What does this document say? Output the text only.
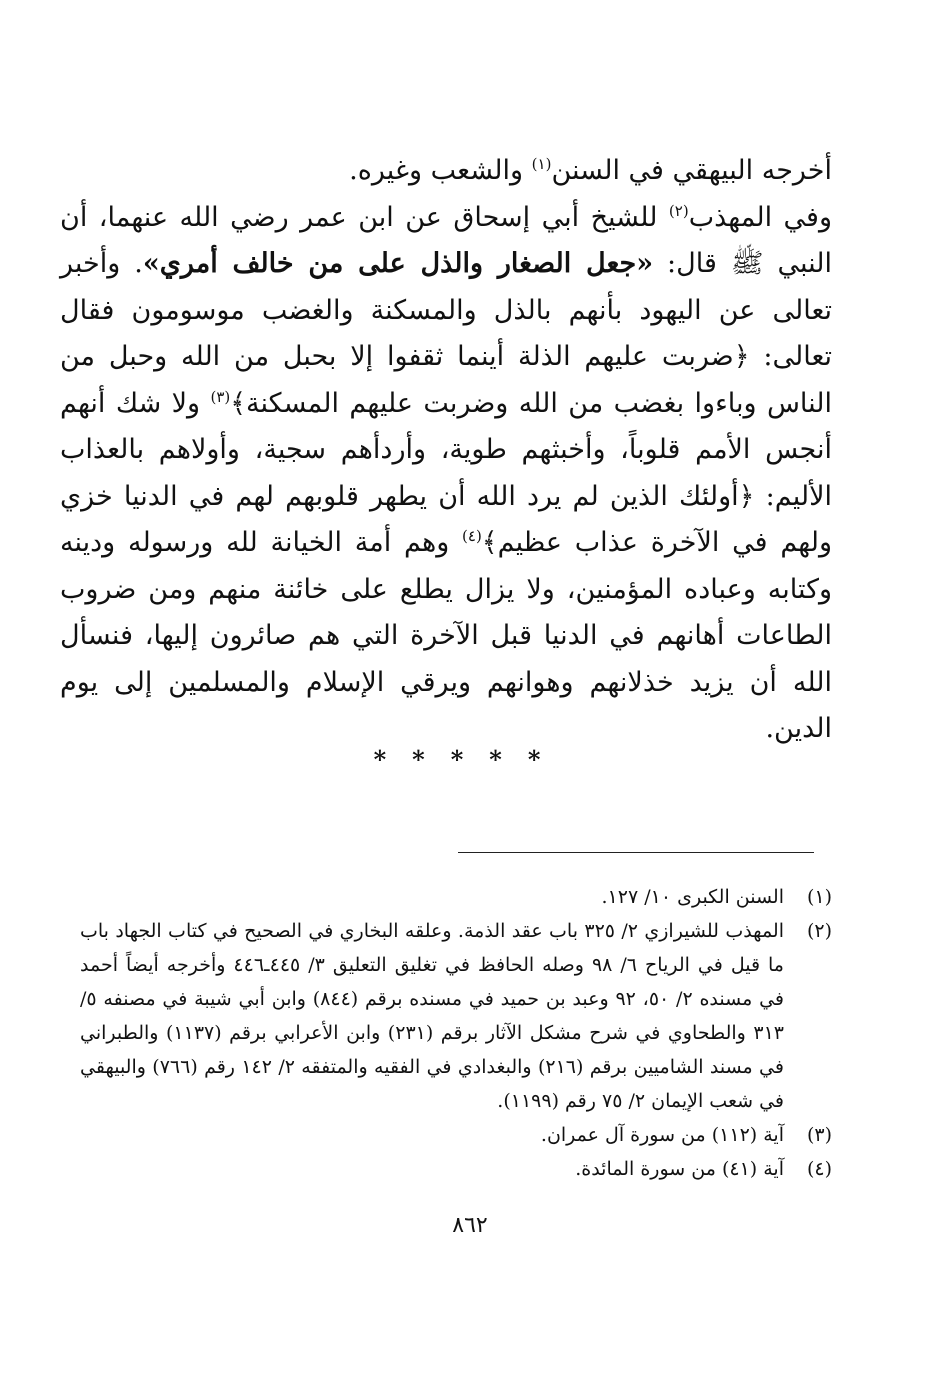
أخرجه البيهقي في السنن$^{(١)}$ والشعب وغيره.

وفي المهذب$^{(٢)}$ للشيخ أبي إسحاق عن ابن عمر رضي الله عنهما، أن النبي ﷺ قال: «جعل الصغار والذل على من خالف أمري». وأخبر تعالى عن اليهود بأنهم بالذل والمسكنة والغضب موسومون فقال تعالى: ﴿ضربت عليهم الذلة أينما ثقفوا إلا بحبل من الله وحبل من الناس وباءوا بغضب من الله وضربت عليهم المسكنة﴾$^{(٣)}$ ولا شك أنهم أنجس الأمم قلوباً، وأخبثهم طوية، وأردأهم سجية، وأولاهم بالعذاب الأليم: ﴿أولئك الذين لم يرد الله أن يطهر قلوبهم لهم في الدنيا خزي ولهم في الآخرة عذاب عظيم﴾$^{(٤)}$ وهم أمة الخيانة لله ورسوله ودينه وكتابه وعباده المؤمنين، ولا يزال يطلع على خائنة منهم ومن ضروب الطاعات أهانهم في الدنيا قبل الآخرة التي هم صائرون إليها، فنسأل الله أن يزيد خذلانهم وهوانهم ويرقي الإسلام والمسلمين إلى يوم الدين.

*****
(١)
السنن الكبرى ١٠/ ١٢٧.
(٢)
المهذب للشيرازي ٢/ ٣٢٥ باب عقد الذمة. وعلقه البخاري في الصحيح في كتاب الجهاد باب ما قيل في الرياح ٦/ ٩٨ وصله الحافظ في تغليق التعليق ٣/ ٤٤٥ـ٤٤٦ وأخرجه أيضاً أحمد في مسنده ٢/ ٥٠، ٩٢ وعبد بن حميد في مسنده برقم (٨٤٤) وابن أبي شيبة في مصنفه ٥/ ٣١٣ والطحاوي في شرح مشكل الآثار برقم (٢٣١) وابن الأعرابي برقم (١١٣٧) والطبراني في مسند الشاميين برقم (٢١٦) والبغدادي في الفقيه والمتفقه ٢/ ١٤٢ رقم (٧٦٦) والبيهقي في شعب الإيمان ٢/ ٧٥ رقم (١١٩٩).
(٣)
آية (١١٢) من سورة آل عمران.
(٤)
آية (٤١) من سورة المائدة.
٨٦٢
